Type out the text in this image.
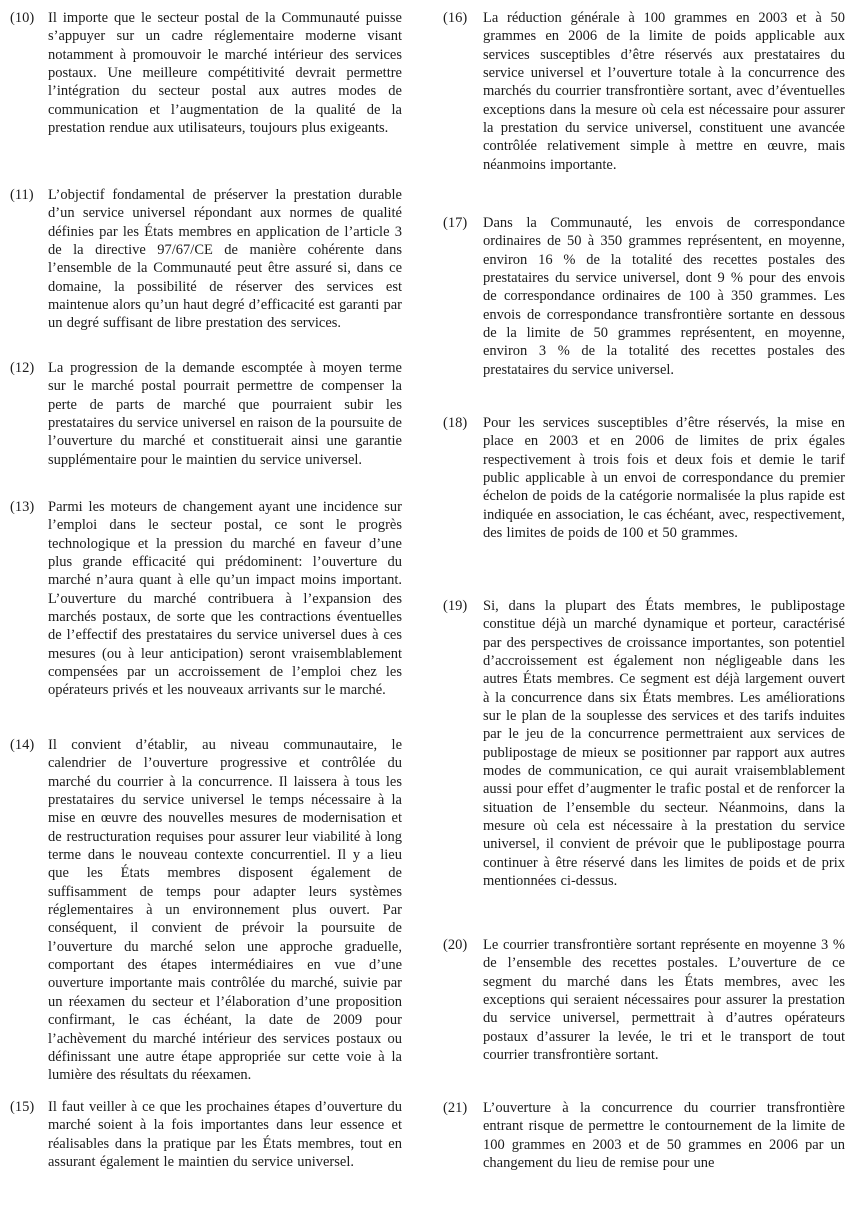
(10) Il importe que le secteur postal de la Communauté puisse s’appuyer sur un cadre réglementaire moderne visant notamment à promouvoir le marché intérieur des services postaux. Une meilleure compétitivité devrait permettre l’intégration du secteur postal aux autres modes de communication et l’augmentation de la qualité de la prestation rendue aux utilisateurs, toujours plus exigeants.
(11) L’objectif fondamental de préserver la prestation durable d’un service universel répondant aux normes de qualité définies par les États membres en application de l’article 3 de la directive 97/67/CE de manière cohérente dans l’ensemble de la Communauté peut être assuré si, dans ce domaine, la possibilité de réserver des services est maintenue alors qu’un haut degré d’efficacité est garanti par un degré suffisant de libre prestation des services.
(12) La progression de la demande escomptée à moyen terme sur le marché postal pourrait permettre de compenser la perte de parts de marché que pourraient subir les prestataires du service universel en raison de la poursuite de l’ouverture du marché et constituerait ainsi une garantie supplémentaire pour le maintien du service universel.
(13) Parmi les moteurs de changement ayant une incidence sur l’emploi dans le secteur postal, ce sont le progrès technologique et la pression du marché en faveur d’une plus grande efficacité qui prédominent: l’ouverture du marché n’aura quant à elle qu’un impact moins important. L’ouverture du marché contribuera à l’expansion des marchés postaux, de sorte que les contractions éventuelles de l’effectif des prestataires du service universel dues à ces mesures (ou à leur anticipation) seront vraisemblablement compensées par un accroissement de l’emploi chez les opérateurs privés et les nouveaux arrivants sur le marché.
(14) Il convient d’établir, au niveau communautaire, le calendrier de l’ouverture progressive et contrôlée du marché du courrier à la concurrence. Il laissera à tous les prestataires du service universel le temps nécessaire à la mise en œuvre des nouvelles mesures de modernisation et de restructuration requises pour assurer leur viabilité à long terme dans le nouveau contexte concurrentiel. Il y a lieu que les États membres disposent également de suffisamment de temps pour adapter leurs systèmes réglementaires à un environnement plus ouvert. Par conséquent, il convient de prévoir la poursuite de l’ouverture du marché selon une approche graduelle, comportant des étapes intermédiaires en vue d’une ouverture importante mais contrôlée du marché, suivie par un réexamen du secteur et l’élaboration d’une proposition confirmant, le cas échéant, la date de 2009 pour l’achèvement du marché intérieur des services postaux ou définissant une autre étape appropriée sur cette voie à la lumière des résultats du réexamen.
(15) Il faut veiller à ce que les prochaines étapes d’ouverture du marché soient à la fois importantes dans leur essence et réalisables dans la pratique par les États membres, tout en assurant également le maintien du service universel.
(16) La réduction générale à 100 grammes en 2003 et à 50 grammes en 2006 de la limite de poids applicable aux services susceptibles d’être réservés aux prestataires du service universel et l’ouverture totale à la concurrence des marchés du courrier transfrontière sortant, avec d’éventuelles exceptions dans la mesure où cela est nécessaire pour assurer la prestation du service universel, constituent une avancée contrôlée relativement simple à mettre en œuvre, mais néanmoins importante.
(17) Dans la Communauté, les envois de correspondance ordinaires de 50 à 350 grammes représentent, en moyenne, environ 16 % de la totalité des recettes postales des prestataires du service universel, dont 9 % pour des envois de correspondance ordinaires de 100 à 350 grammes. Les envois de correspondance transfrontière sortante en dessous de la limite de 50 grammes représentent, en moyenne, environ 3 % de la totalité des recettes postales des prestataires du service universel.
(18) Pour les services susceptibles d’être réservés, la mise en place en 2003 et en 2006 de limites de prix égales respectivement à trois fois et deux fois et demie le tarif public applicable à un envoi de correspondance du premier échelon de poids de la catégorie normalisée la plus rapide est indiquée en association, le cas échéant, avec, respectivement, des limites de poids de 100 et 50 grammes.
(19) Si, dans la plupart des États membres, le publipostage constitue déjà un marché dynamique et porteur, caractérisé par des perspectives de croissance importantes, son potentiel d’accroissement est également non négligeable dans les autres États membres. Ce segment est déjà largement ouvert à la concurrence dans six États membres. Les améliorations sur le plan de la souplesse des services et des tarifs induites par le jeu de la concurrence permettraient aux services de publipostage de mieux se positionner par rapport aux autres modes de communication, ce qui aurait vraisemblablement aussi pour effet d’augmenter le trafic postal et de renforcer la situation de l’ensemble du secteur. Néanmoins, dans la mesure où cela est nécessaire à la prestation du service universel, il convient de prévoir que le publipostage pourra continuer à être réservé dans les limites de poids et de prix mentionnées ci-dessus.
(20) Le courrier transfrontière sortant représente en moyenne 3 % de l’ensemble des recettes postales. L’ouverture de ce segment du marché dans les États membres, avec les exceptions qui seraient nécessaires pour assurer la prestation du service universel, permettrait à d’autres opérateurs postaux d’assurer la levée, le tri et le transport de tout courrier transfrontière sortant.
(21) L’ouverture à la concurrence du courrier transfrontière entrant risque de permettre le contournement de la limite de 100 grammes en 2003 et de 50 grammes en 2006 par un changement du lieu de remise pour une
